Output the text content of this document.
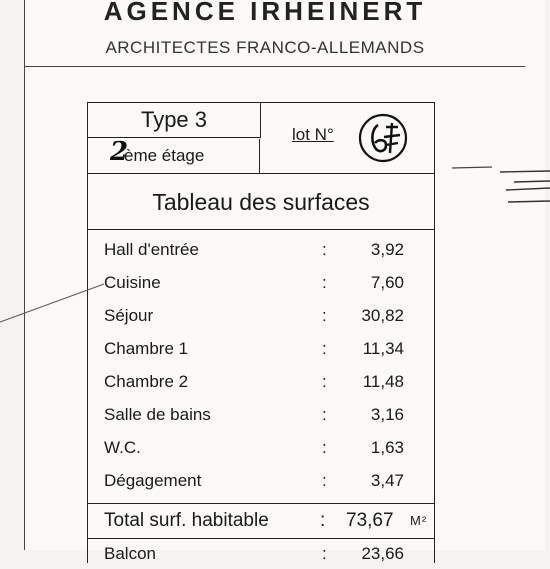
AGENCE IRHEINERT
ARCHITECTES FRANCO-ALLEMANDS
Type 3
2
ème étage
lot N°
Tableau des surfaces
Hall d'entrée	:	3,92
Cuisine	:	7,60
Séjour	: 30,82
Chambre 1	: 11,34
Chambre 2	: 11,48
Salle de bains	:	3,16
W.C.	:	1,63
Dégagement	:	3,47
Total surf. habitable	: 73,67 M²
Balcon	: 23,66
